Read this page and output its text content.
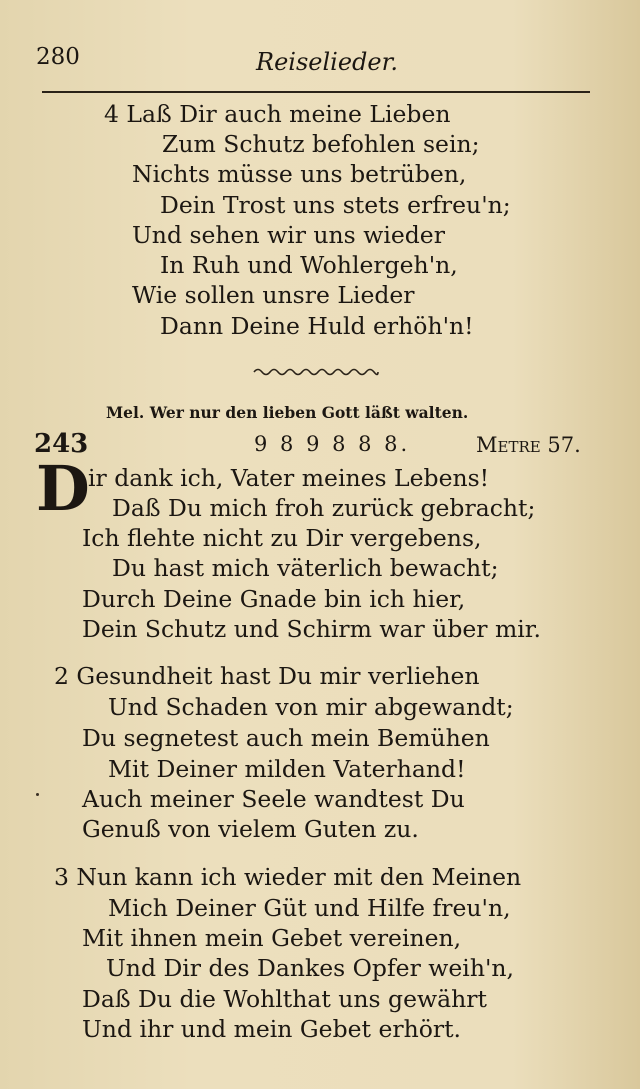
280	Reiselieder.
4 Laß Dir auch meine Lieben
Zum Schutz befohlen sein;
Nichts müsse uns betrüben,
Dein Trost uns stets erfreu'n;
Und sehen wir uns wieder
In Ruh und Wohlergeh'n,
Wie sollen unsre Lieder
Dann Deine Huld erhöh'n!
Mel. Wer nur den lieben Gott läßt walten.
243	9 8 9 8 8 8.	Metre 57.
D
ir dank ich, Vater meines Lebens!
Daß Du mich froh zurück gebracht;
Ich flehte nicht zu Dir vergebens,
Du hast mich väterlich bewacht;
Durch Deine Gnade bin ich hier,
Dein Schutz und Schirm war über mir.
2 Gesundheit hast Du mir verliehen
Und Schaden von mir abgewandt;
Du segnetest auch mein Bemühen
Mit Deiner milden Vaterhand!
Auch meiner Seele wandtest Du
Genuß von vielem Guten zu.
3 Nun kann ich wieder mit den Meinen
Mich Deiner Güt und Hilfe freu'n,
Mit ihnen mein Gebet vereinen,
Und Dir des Dankes Opfer weih'n,
Daß Du die Wohlthat uns gewährt
Und ihr und mein Gebet erhört.
